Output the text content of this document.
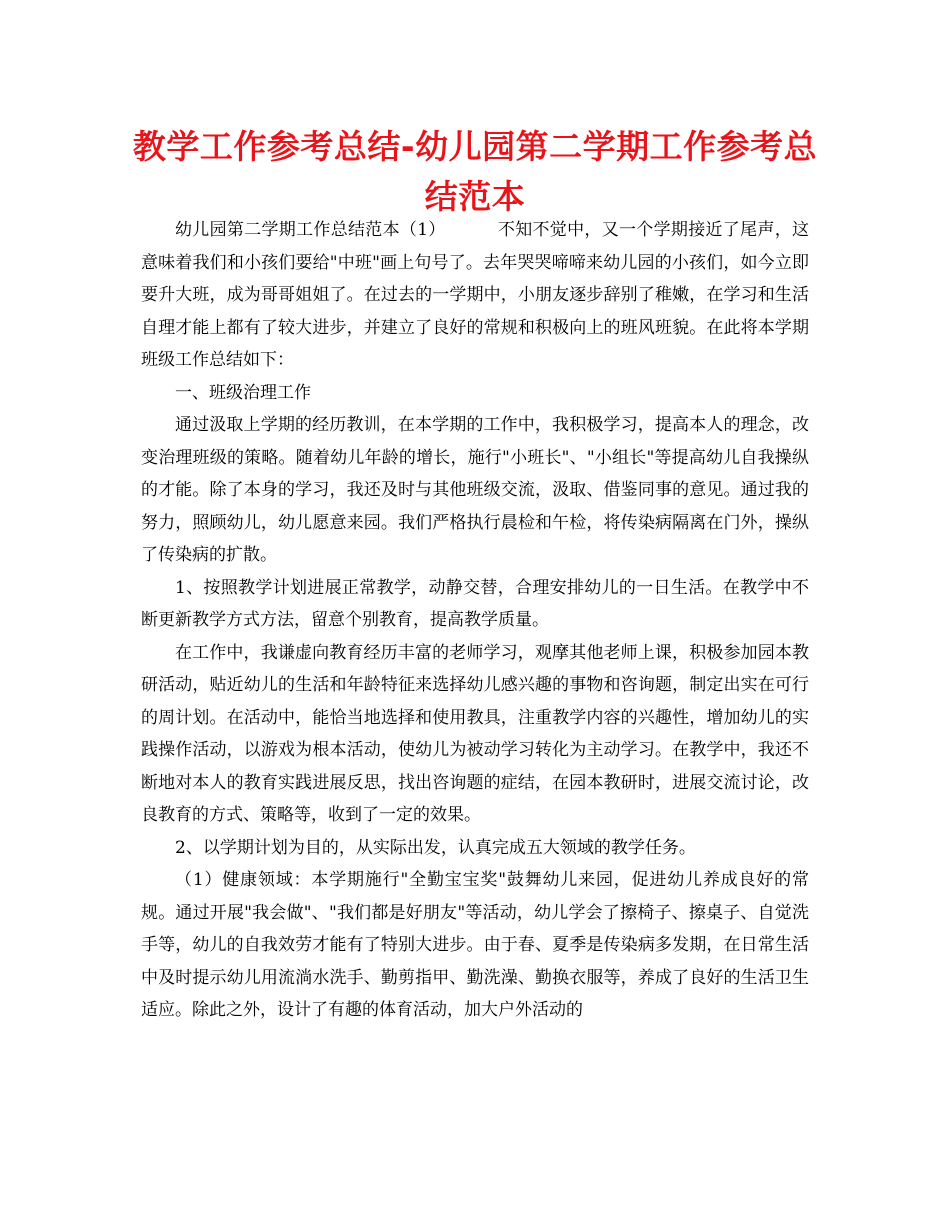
教学工作参考总结-幼儿园第二学期工作参考总结范本

幼儿园第二学期工作总结范本（1）	不知不觉中，又一个学期接近了尾声，这意味着我们和小孩们要给"中班"画上句号了。去年哭哭啼啼来幼儿园的小孩们，如今立即要升大班，成为哥哥姐姐了。在过去的一学期中，小朋友逐步辞别了稚嫩，在学习和生活自理才能上都有了较大进步，并建立了良好的常规和积极向上的班风班貌。在此将本学期班级工作总结如下：

一、班级治理工作

通过汲取上学期的经历教训，在本学期的工作中，我积极学习，提高本人的理念，改变治理班级的策略。随着幼儿年龄的增长，施行"小班长"、"小组长"等提高幼儿自我操纵的才能。除了本身的学习，我还及时与其他班级交流，汲取、借鉴同事的意见。通过我的努力，照顾幼儿，幼儿愿意来园。我们严格执行晨检和午检，将传染病隔离在门外，操纵了传染病的扩散。

1、按照教学计划进展正常教学，动静交替，合理安排幼儿的一日生活。在教学中不断更新教学方式方法，留意个别教育，提高教学质量。

在工作中，我谦虚向教育经历丰富的老师学习，观摩其他老师上课，积极参加园本教研活动，贴近幼儿的生活和年龄特征来选择幼儿感兴趣的事物和咨询题，制定出实在可行的周计划。在活动中，能恰当地选择和使用教具，注重教学内容的兴趣性，增加幼儿的实践操作活动，以游戏为根本活动，使幼儿为被动学习转化为主动学习。在教学中，我还不断地对本人的教育实践进展反思，找出咨询题的症结，在园本教研时，进展交流讨论，改良教育的方式、策略等，收到了一定的效果。

2、以学期计划为目的，从实际出发，认真完成五大领域的教学任务。

（1）健康领域：本学期施行"全勤宝宝奖"鼓舞幼儿来园，促进幼儿养成良好的常规。通过开展"我会做"、"我们都是好朋友"等活动，幼儿学会了擦椅子、擦桌子、自觉洗手等，幼儿的自我效劳才能有了特别大进步。由于春、夏季是传染病多发期，在日常生活中及时提示幼儿用流淌水洗手、勤剪指甲、勤洗澡、勤换衣服等，养成了良好的生活卫生适应。除此之外，设计了有趣的体育活动，加大户外活动的
